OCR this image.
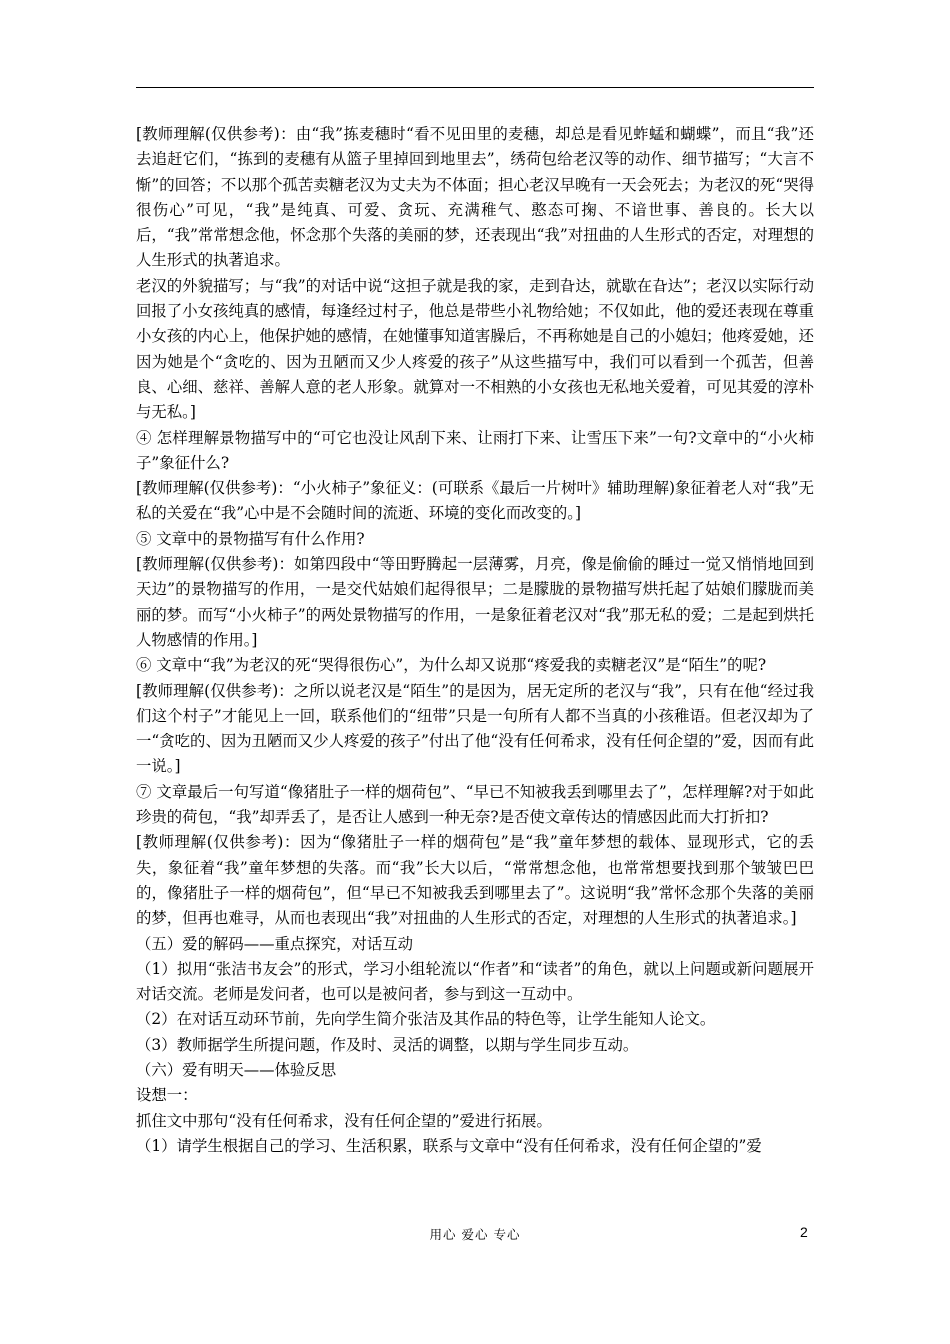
[教师理解(仅供参考)：由“我”拣麦穗时“看不见田里的麦穗，却总是看见蚱蜢和蝴蝶”，而且“我”还去追赶它们，“拣到的麦穗有从篮子里掉回到地里去”，绣荷包给老汉等的动作、细节描写；“大言不惭”的回答；不以那个孤苦卖糖老汉为丈夫为不体面；担心老汉早晚有一天会死去；为老汉的死“哭得很伤心”可见，“我”是纯真、可爱、贪玩、充满稚气、憨态可掬、不谙世事、善良的。长大以后，“我”常常想念他，怀念那个失落的美丽的梦，还表现出“我”对扭曲的人生形式的否定，对理想的人生形式的执著追求。

老汉的外貌描写；与“我”的对话中说“这担子就是我的家，走到旮达，就歇在旮达”；老汉以实际行动回报了小女孩纯真的感情，每逢经过村子，他总是带些小礼物给她；不仅如此，他的爱还表现在尊重小女孩的内心上，他保护她的感情，在她懂事知道害臊后，不再称她是自己的小媳妇；他疼爱她，还因为她是个“贪吃的、因为丑陋而又少人疼爱的孩子”从这些描写中，我们可以看到一个孤苦，但善良、心细、慈祥、善解人意的老人形象。就算对一不相熟的小女孩也无私地关爱着，可见其爱的淳朴与无私。]

④ 怎样理解景物描写中的“可它也没让风刮下来、让雨打下来、让雪压下来”一句?文章中的“小火柿子”象征什么?

[教师理解(仅供参考)：“小火柿子”象征义：(可联系《最后一片树叶》辅助理解)象征着老人对“我”无私的关爱在“我”心中是不会随时间的流逝、环境的变化而改变的。]

⑤ 文章中的景物描写有什么作用?

[教师理解(仅供参考)：如第四段中“等田野腾起一层薄雾，月亮，像是偷偷的睡过一觉又悄悄地回到天边”的景物描写的作用，一是交代姑娘们起得很早；二是朦胧的景物描写烘托起了姑娘们朦胧而美丽的梦。而写“小火柿子”的两处景物描写的作用，一是象征着老汉对“我”那无私的爱；二是起到烘托人物感情的作用。]

⑥ 文章中“我”为老汉的死“哭得很伤心”，为什么却又说那“疼爱我的卖糖老汉”是“陌生”的呢?

[教师理解(仅供参考)：之所以说老汉是“陌生”的是因为，居无定所的老汉与“我”，只有在他“经过我们这个村子”才能见上一回，联系他们的“纽带”只是一句所有人都不当真的小孩稚语。但老汉却为了一“贪吃的、因为丑陋而又少人疼爱的孩子”付出了他“没有任何希求，没有任何企望的”爱，因而有此一说。]

⑦ 文章最后一句写道“像猪肚子一样的烟荷包”、“早已不知被我丢到哪里去了”，怎样理解?对于如此珍贵的荷包，“我”却弄丢了，是否让人感到一种无奈?是否使文章传达的情感因此而大打折扣?

[教师理解(仅供参考)：因为“像猪肚子一样的烟荷包”是“我”童年梦想的载体、显现形式，它的丢失，象征着“我”童年梦想的失落。而“我”长大以后，“常常想念他，也常常想要找到那个皱皱巴巴的，像猪肚子一样的烟荷包”，但“早已不知被我丢到哪里去了”。这说明“我”常怀念那个失落的美丽的梦，但再也难寻，从而也表现出“我”对扭曲的人生形式的否定，对理想的人生形式的执著追求。]

（五）爱的解码——重点探究，对话互动

（1）拟用“张洁书友会”的形式，学习小组轮流以“作者”和“读者”的角色，就以上问题或新问题展开对话交流。老师是发问者，也可以是被问者，参与到这一互动中。

（2）在对话互动环节前，先向学生简介张洁及其作品的特色等，让学生能知人论文。

（3）教师据学生所提问题，作及时、灵活的调整，以期与学生同步互动。

（六）爱有明天——体验反思

设想一：

抓住文中那句“没有任何希求，没有任何企望的”爱进行拓展。

（1）请学生根据自己的学习、生活积累，联系与文章中“没有任何希求，没有任何企望的”爱

用心 爱心 专心	2
